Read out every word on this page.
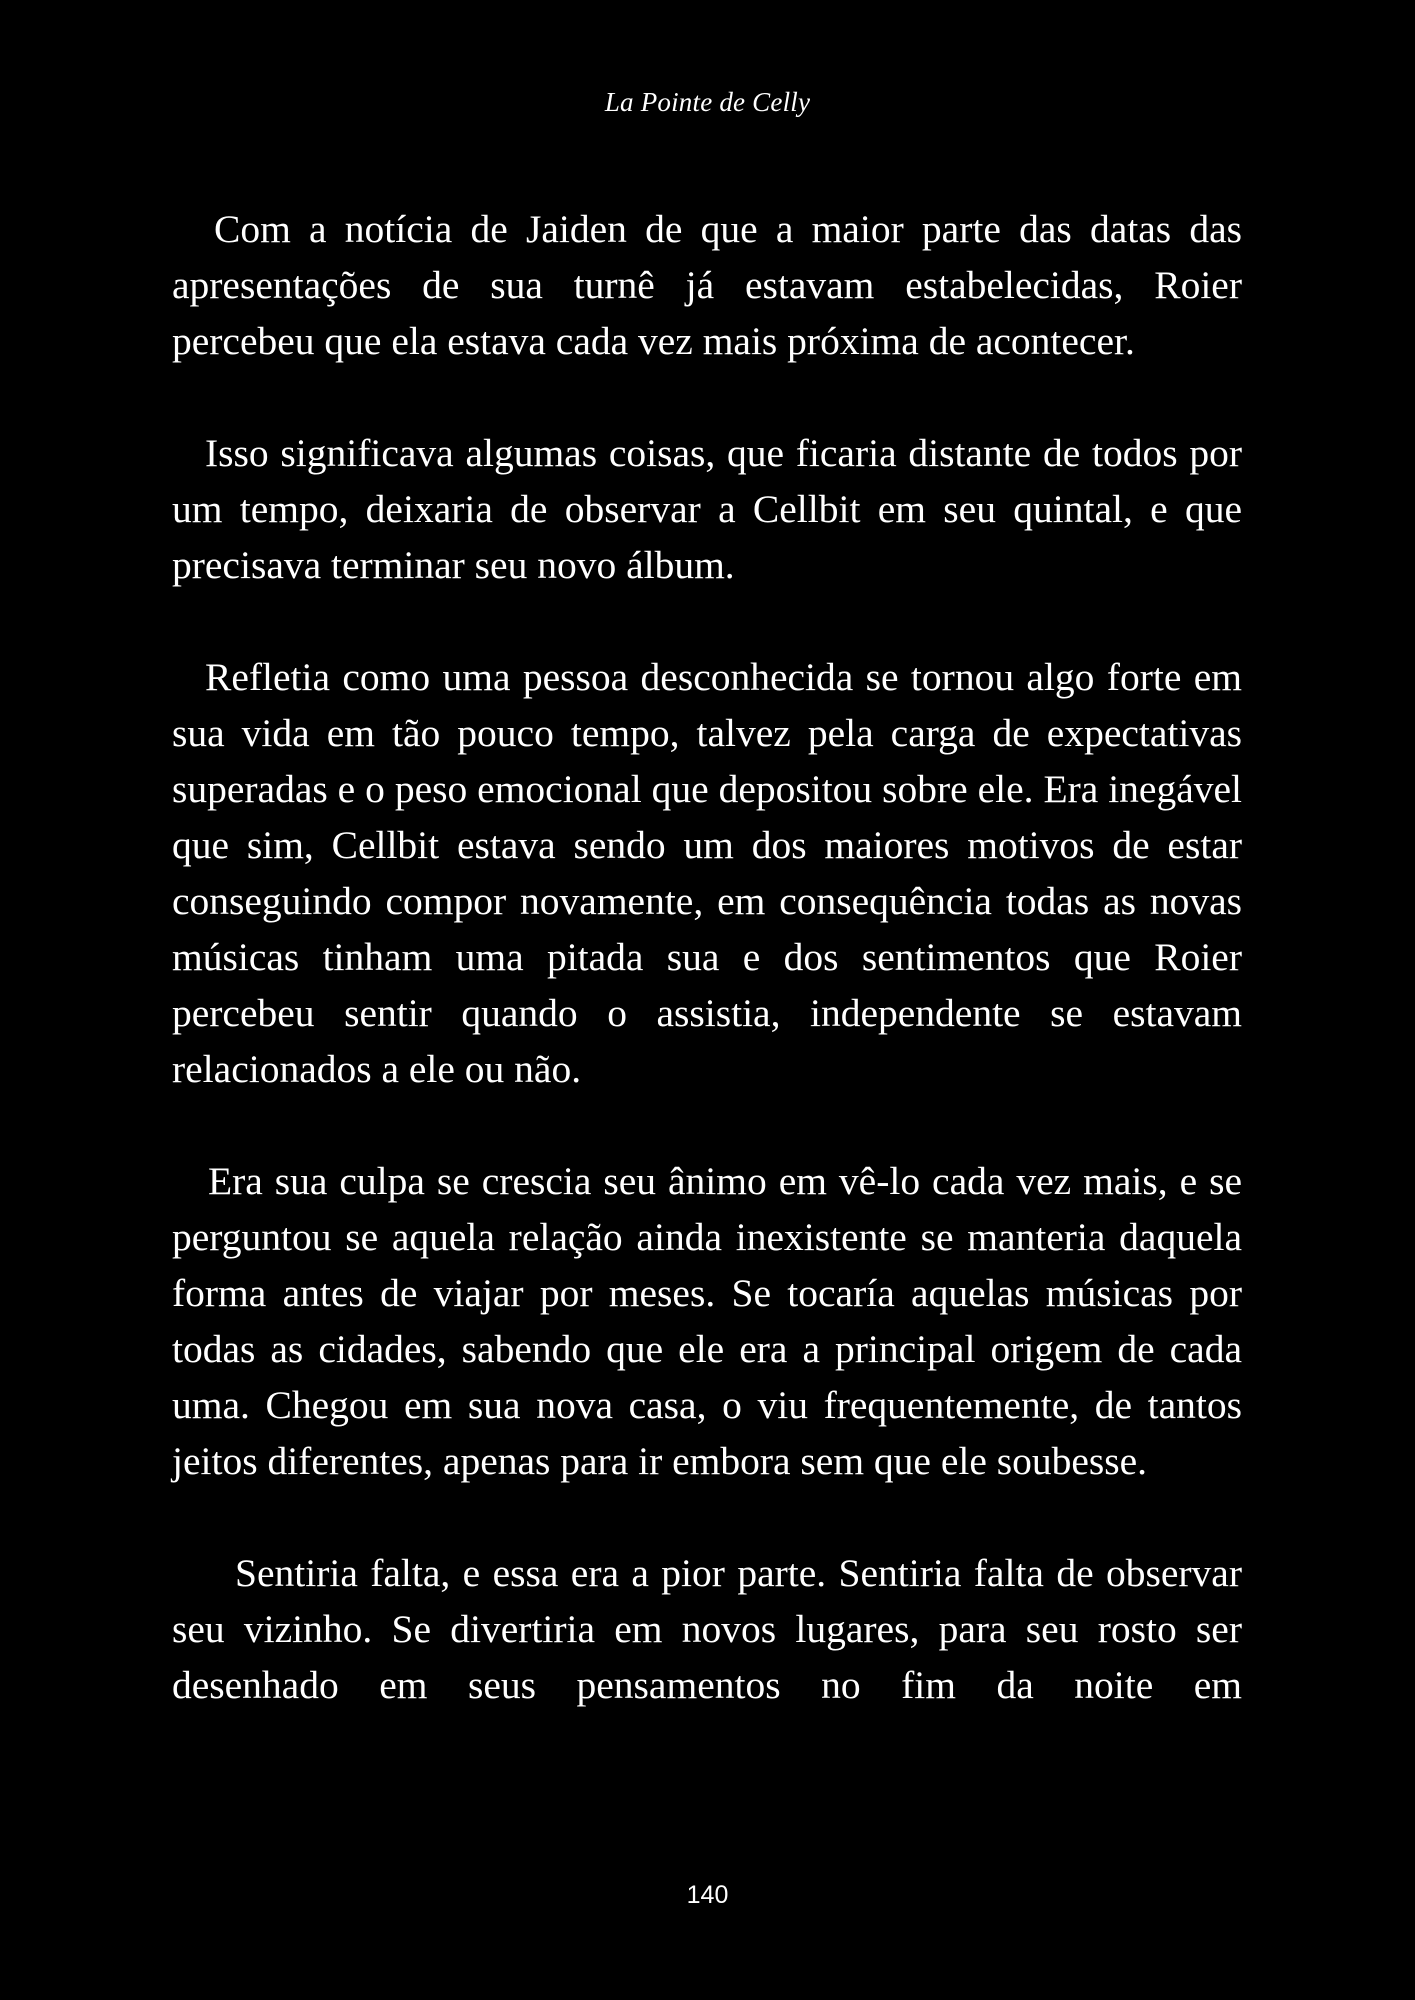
La Pointe de Celly

Com a notícia de Jaiden de que a maior parte das datas das apresentações de sua turnê já estavam estabelecidas, Roier percebeu que ela estava cada vez mais próxima de acontecer.

Isso significava algumas coisas, que ficaria distante de todos por um tempo, deixaria de observar a Cellbit em seu quintal, e que precisava terminar seu novo álbum.

Refletia como uma pessoa desconhecida se tornou algo forte em sua vida em tão pouco tempo, talvez pela carga de expectativas superadas e o peso emocional que depositou sobre ele. Era inegável que sim, Cellbit estava sendo um dos maiores motivos de estar conseguindo compor novamente, em consequência todas as novas músicas tinham uma pitada sua e dos sentimentos que Roier percebeu sentir quando o assistia, independente se estavam relacionados a ele ou não.

Era sua culpa se crescia seu ânimo em vê-lo cada vez mais, e se perguntou se aquela relação ainda inexistente se manteria daquela forma antes de viajar por meses. Se tocaría aquelas músicas por todas as cidades, sabendo que ele era a principal origem de cada uma. Chegou em sua nova casa, o viu frequentemente, de tantos jeitos diferentes, apenas para ir embora sem que ele soubesse.

Sentiria falta, e essa era a pior parte. Sentiria falta de observar seu vizinho. Se divertiria em novos lugares, para seu rosto ser desenhado em seus pensamentos no fim da noite em

140
